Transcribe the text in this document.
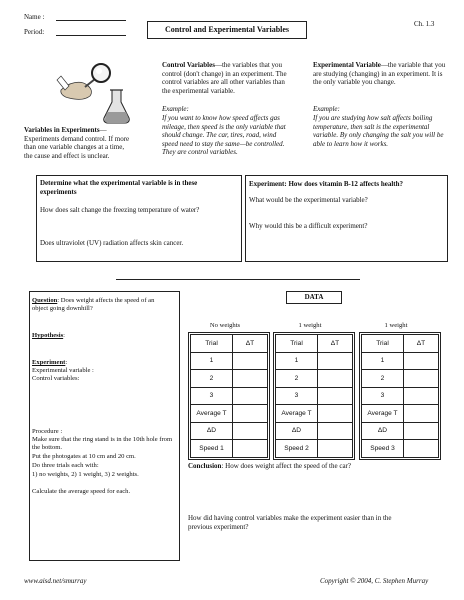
Name :
Period:
Ch. 1.3
Control and Experimental Variables
Variables in Experiments—Experiments demand control. If more than one variable changes at a time, the cause and effect is unclear.
Control Variables—the variables that you control (don't change) in an experiment. The control variables are all other variables than the experimental variable.
Example:
If you want to know how speed affects gas mileage, then speed is the only variable that should change. The car, tires, road, wind speed need to stay the same—be controlled. They are control variables.
Experimental Variable—the variable that you are studying (changing) in an experiment. It is the only variable you change.
Example:
If you are studying how salt affects boiling temperature, then salt is the experimental variable. By only changing the salt you will be able to learn how it works.
Determine what the experimental variable is in these experiments
How does salt change the freezing temperature of water?
Does ultraviolet (UV) radiation affects skin cancer.
Experiment: How does vitamin B-12 affects health?
What would be the experimental variable?
Why would this be a difficult experiment?
Question: Does weight affects the speed of an object going downhill?
Hypothesis:
Experiment:
Experimental variable :
Control variables:
Procedure :
Make sure that the ring stand is in the 10th hole from the bottom.
Put the photogates at 10 cm and 20 cm.
Do three trials each with:
1) no weights, 2) 1 weight, 3) 2 weights.
Calculate the average speed for each.
DATA
No weights
Trial	ΔT
1	
2	
3	
Average T	
ΔD	
Speed 1	
1 weight
Trial	ΔT
1	
2	
3	
Average T	
ΔD	
Speed 2	
1 weight
Trial	ΔT
1	
2	
3	
Average T	
ΔD	
Speed 3	
Conclusion: How does weight affect the speed of the car?
How did having control variables make the experiment easier than in the previous experiment?
www.aisd.net/smurray	Copyright © 2004, C. Stephen Murray
